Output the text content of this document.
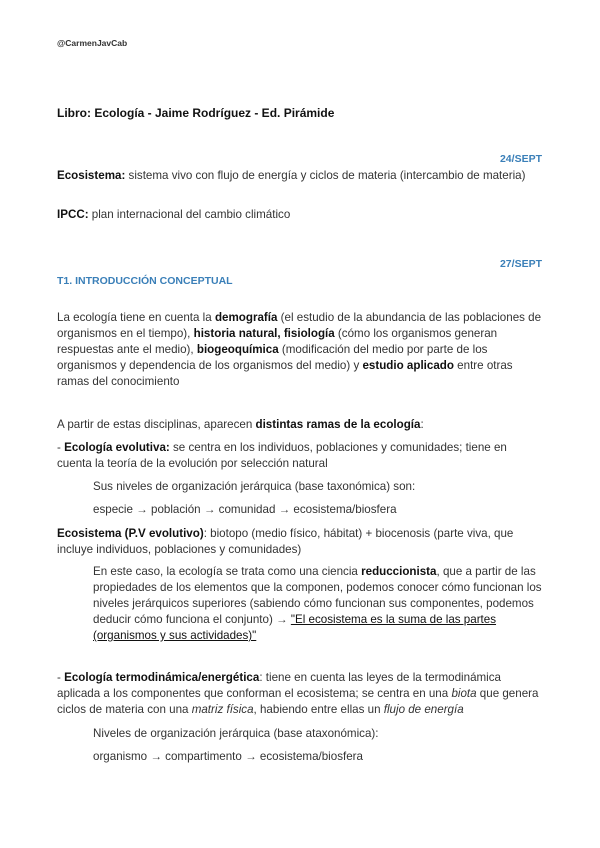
@CarmenJavCab
Libro: Ecología - Jaime Rodríguez - Ed. Pirámide
24/SEPT
Ecosistema: sistema vivo con flujo de energía y ciclos de materia (intercambio de materia)
IPCC: plan internacional del cambio climático
27/SEPT
T1. INTRODUCCIÓN CONCEPTUAL
La ecología tiene en cuenta la demografía (el estudio de la abundancia de las poblaciones de organismos en el tiempo), historia natural, fisiología (cómo los organismos generan respuestas ante el medio), biogeoquímica (modificación del medio por parte de los organismos y dependencia de los organismos del medio) y estudio aplicado entre otras ramas del conocimiento
A partir de estas disciplinas, aparecen distintas ramas de la ecología:
- Ecología evolutiva: se centra en los individuos, poblaciones y comunidades; tiene en cuenta la teoría de la evolución por selección natural
Sus niveles de organización jerárquica (base taxonómica) son:
especie → población → comunidad → ecosistema/biosfera
Ecosistema (P.V evolutivo): biotopo (medio físico, hábitat) + biocenosis (parte viva, que incluye individuos, poblaciones y comunidades)
En este caso, la ecología se trata como una ciencia reduccionista, que a partir de las propiedades de los elementos que la componen, podemos conocer cómo funcionan los niveles jerárquicos superiores (sabiendo cómo funcionan sus componentes, podemos deducir cómo funciona el conjunto) → "El ecosistema es la suma de las partes (organismos y sus actividades)"
- Ecología termodinámica/energética: tiene en cuenta las leyes de la termodinámica aplicada a los componentes que conforman el ecosistema; se centra en una biota que genera ciclos de materia con una matriz física, habiendo entre ellas un flujo de energía
Niveles de organización jerárquica (base ataxonómica):
organismo → compartimento → ecosistema/biosfera
